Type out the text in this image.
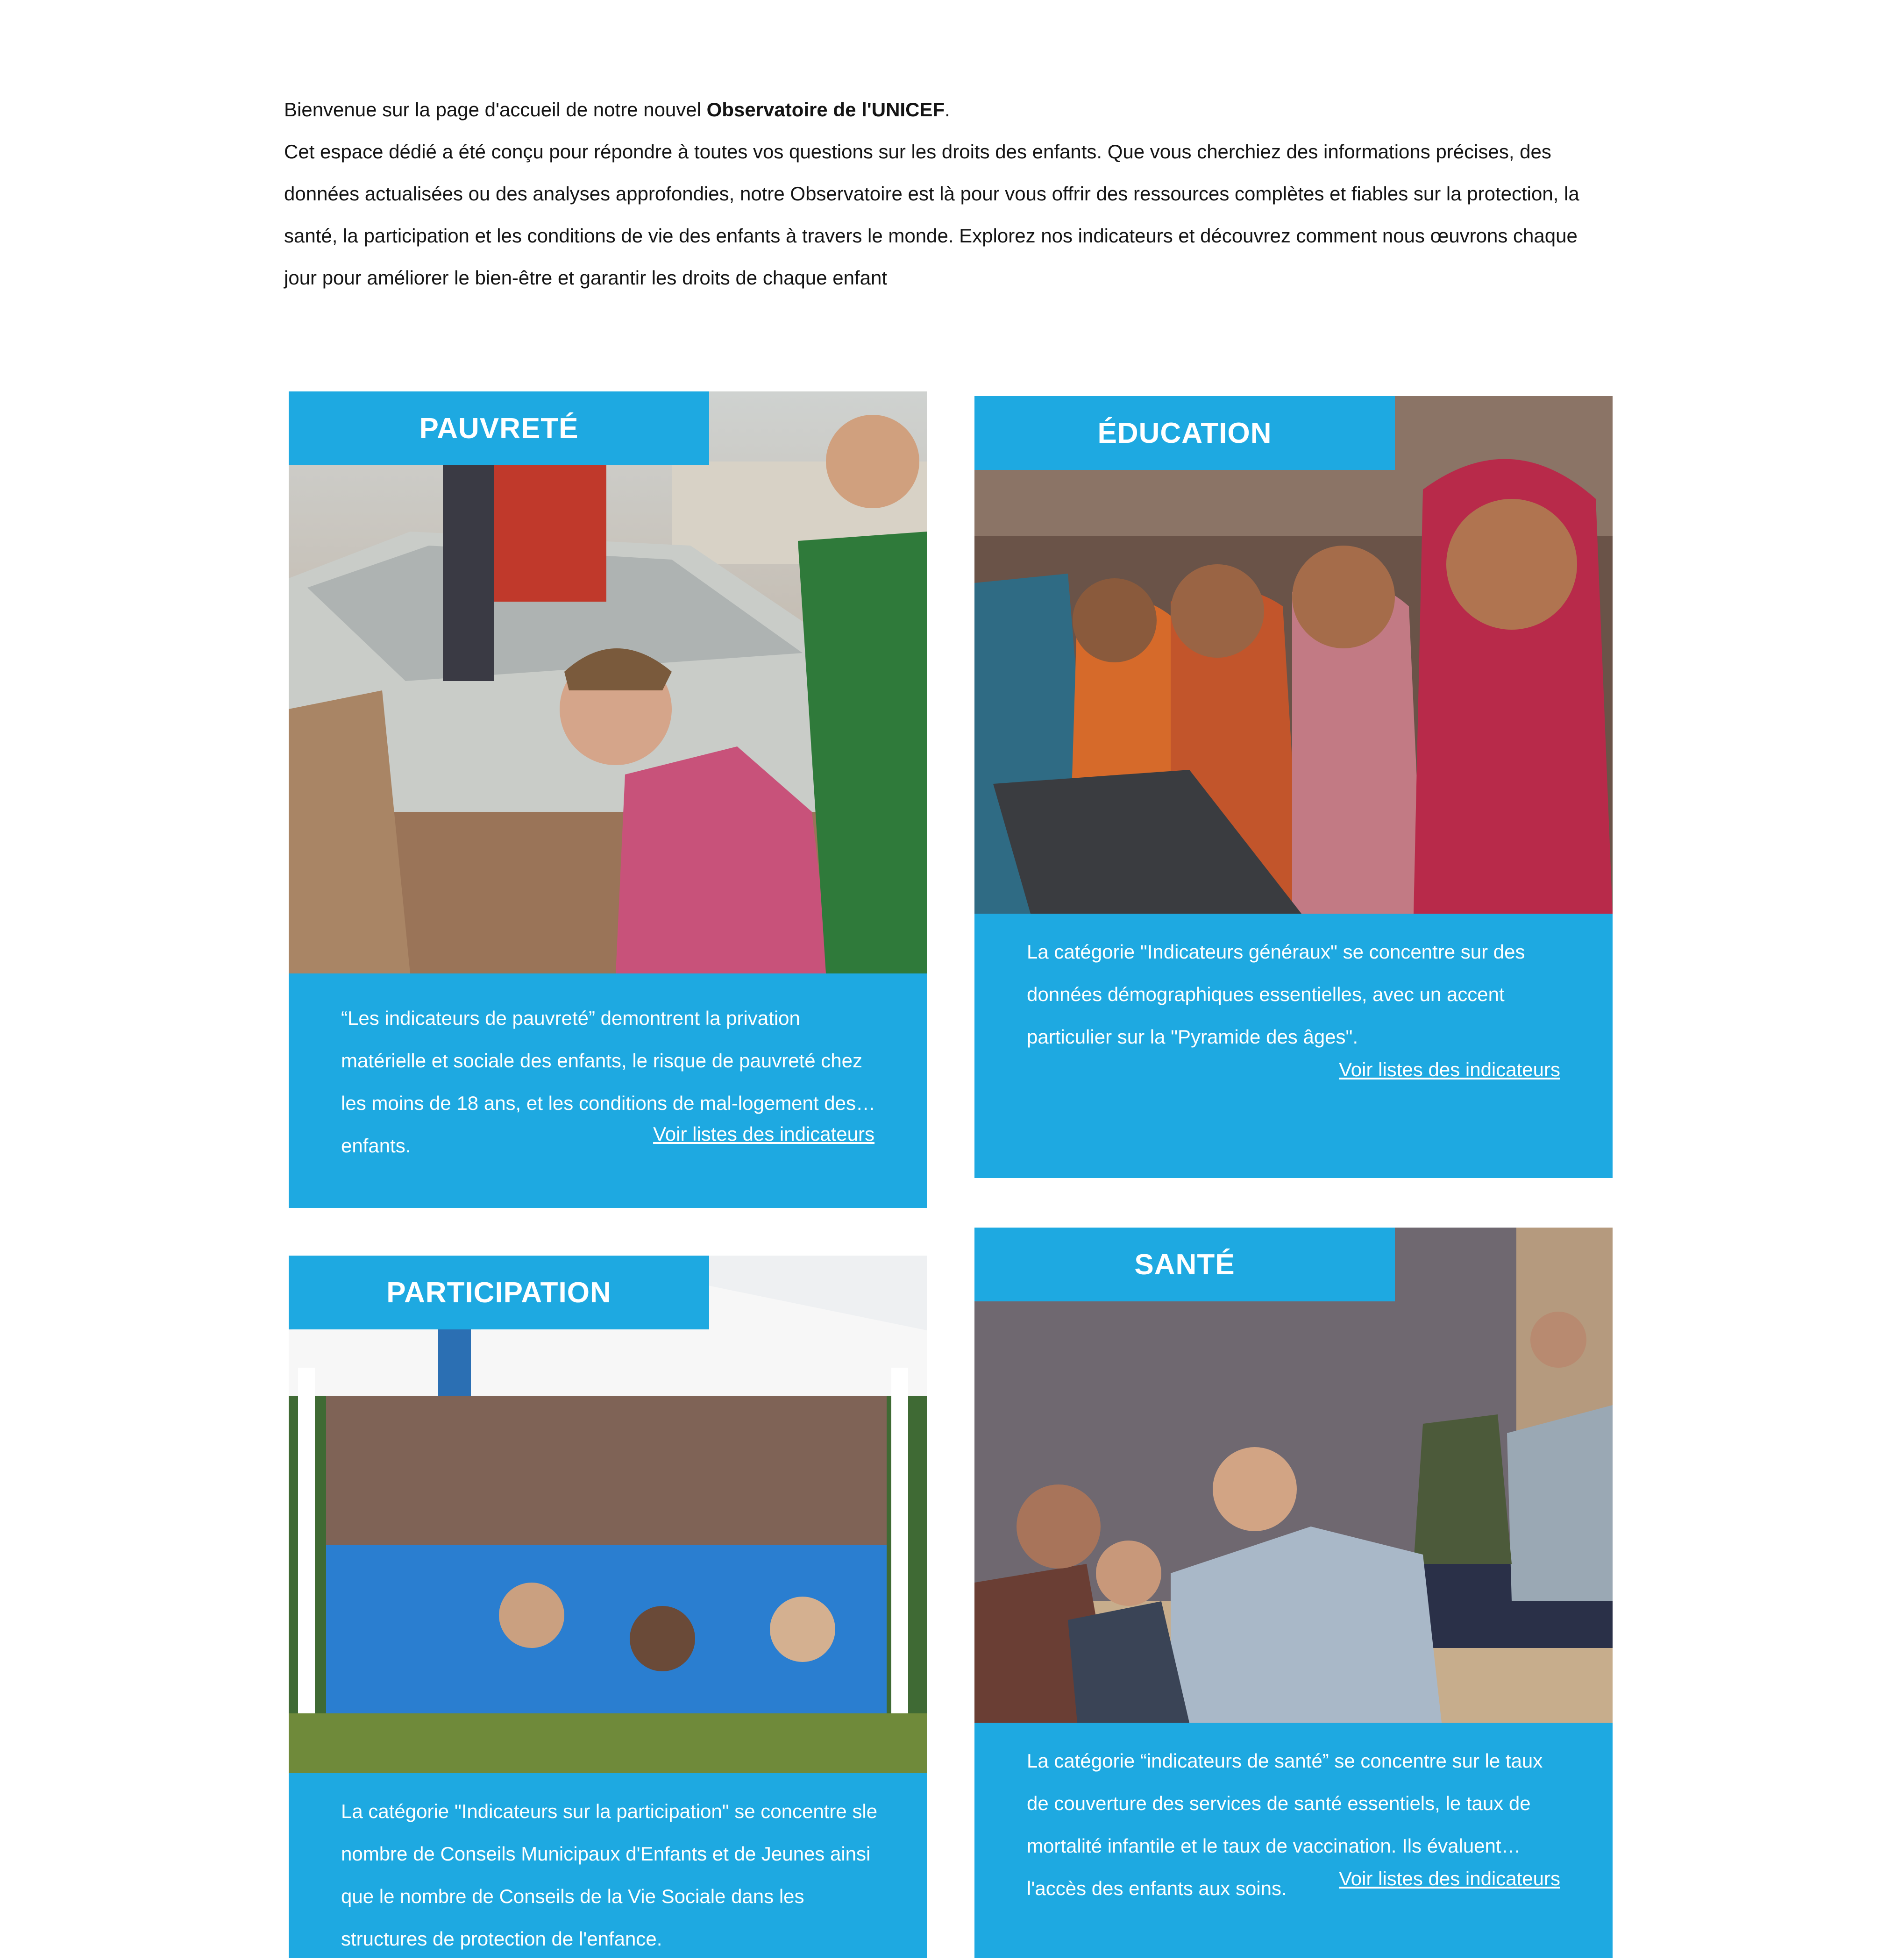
Bienvenue sur la page d'accueil de notre nouvel Observatoire de l'UNICEF.

Cet espace dédié a été conçu pour répondre à toutes vos questions sur les droits des enfants. Que vous cherchiez des informations précises, des données actualisées ou des analyses approfondies, notre Observatoire est là pour vous offrir des ressources complètes et fiables sur la protection, la santé, la participation et les conditions de vie des enfants à travers le monde. Explorez nos indicateurs et découvrez comment nous œuvrons chaque jour pour améliorer le bien-être et garantir les droits de chaque enfant

PAUVRETÉ
“Les indicateurs de pauvreté” demontrent la privation matérielle et sociale des enfants, le risque de pauvreté chez les moins de 18 ans, et les conditions de mal-logement des enfants.
Voir listes des indicateurs
ÉDUCATION
La catégorie "Indicateurs généraux" se concentre sur des données démographiques essentielles, avec un accent particulier sur la "Pyramide des âges".
Voir listes des indicateurs
PARTICIPATION
La catégorie "Indicateurs sur la participation" se concentre sle nombre de Conseils Municipaux d'Enfants et de Jeunes ainsi que le nombre de Conseils de la Vie Sociale dans les structures de protection de l'enfance.
SANTÉ
La catégorie “indicateurs de santé” se concentre sur le taux de couverture des services de santé essentiels, le taux de mortalité infantile et le taux de vaccination. Ils évaluent l'accès des enfants aux soins.	Voir listes des indicateurs
